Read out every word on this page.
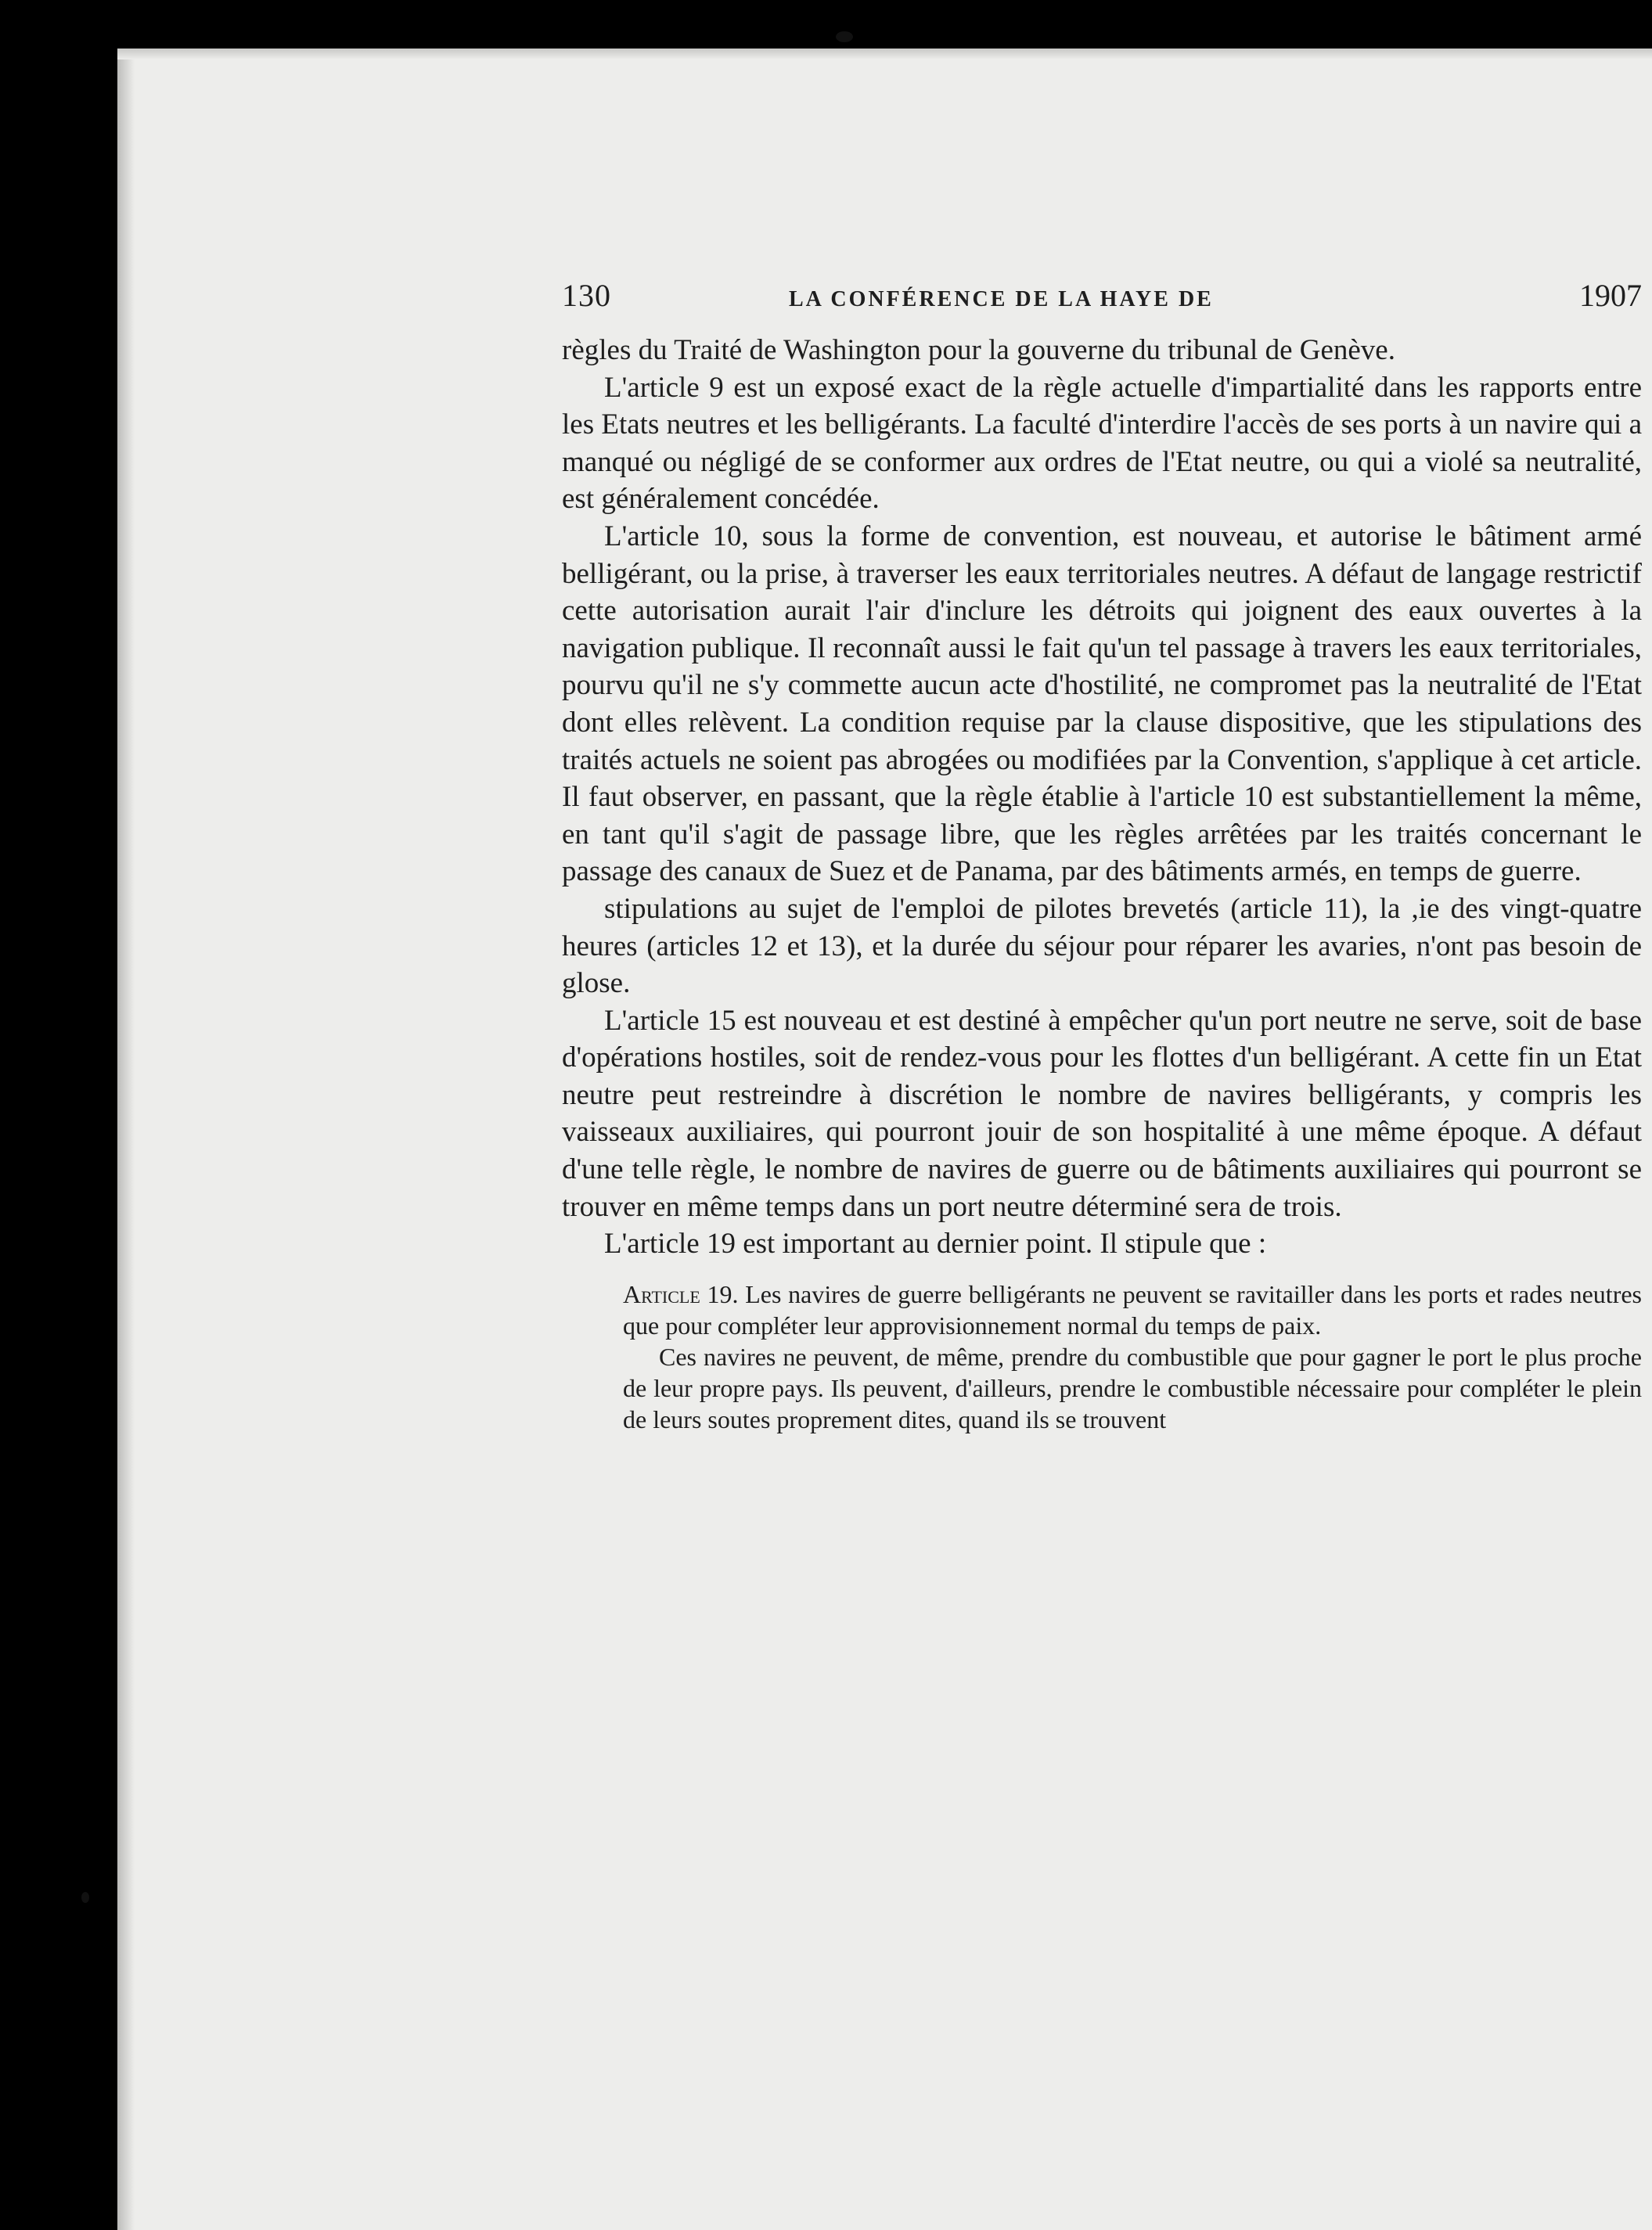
130	LA CONFÉRENCE DE LA HAYE DE	1907

règles du Traité de Washington pour la gouverne du tribunal de Genève.

L'article 9 est un exposé exact de la règle actuelle d'impartialité dans les rapports entre les Etats neutres et les belligérants. La faculté d'interdire l'accès de ses ports à un navire qui a manqué ou négligé de se conformer aux ordres de l'Etat neutre, ou qui a violé sa neutralité, est généralement concédée.

L'article 10, sous la forme de convention, est nouveau, et autorise le bâtiment armé belligérant, ou la prise, à traverser les eaux territoriales neutres. A défaut de langage restrictif cette autorisation aurait l'air d'inclure les détroits qui joignent des eaux ouvertes à la navigation publique. Il reconnaît aussi le fait qu'un tel passage à travers les eaux territoriales, pourvu qu'il ne s'y commette aucun acte d'hostilité, ne compromet pas la neutralité de l'Etat dont elles relèvent. La condition requise par la clause dispositive, que les stipulations des traités actuels ne soient pas abrogées ou modifiées par la Convention, s'applique à cet article. Il faut observer, en passant, que la règle établie à l'article 10 est substantiellement la même, en tant qu'il s'agit de passage libre, que les règles arrêtées par les traités concernant le passage des canaux de Suez et de Panama, par des bâtiments armés, en temps de guerre.

stipulations au sujet de l'emploi de pilotes brevetés (article 11), la ,ie des vingt-quatre heures (articles 12 et 13), et la durée du séjour pour réparer les avaries, n'ont pas besoin de glose.

L'article 15 est nouveau et est destiné à empêcher qu'un port neutre ne serve, soit de base d'opérations hostiles, soit de rendez-vous pour les flottes d'un belligérant. A cette fin un Etat neutre peut restreindre à discrétion le nombre de navires belligérants, y compris les vaisseaux auxiliaires, qui pourront jouir de son hospitalité à une même époque. A défaut d'une telle règle, le nombre de navires de guerre ou de bâtiments auxiliaires qui pourront se trouver en même temps dans un port neutre déterminé sera de trois.

L'article 19 est important au dernier point. Il stipule que :

Article 19. Les navires de guerre belligérants ne peuvent se ravitailler dans les ports et rades neutres que pour compléter leur approvisionnement normal du temps de paix.

Ces navires ne peuvent, de même, prendre du combustible que pour gagner le port le plus proche de leur propre pays. Ils peuvent, d'ailleurs, prendre le combustible nécessaire pour compléter le plein de leurs soutes proprement dites, quand ils se trouvent
